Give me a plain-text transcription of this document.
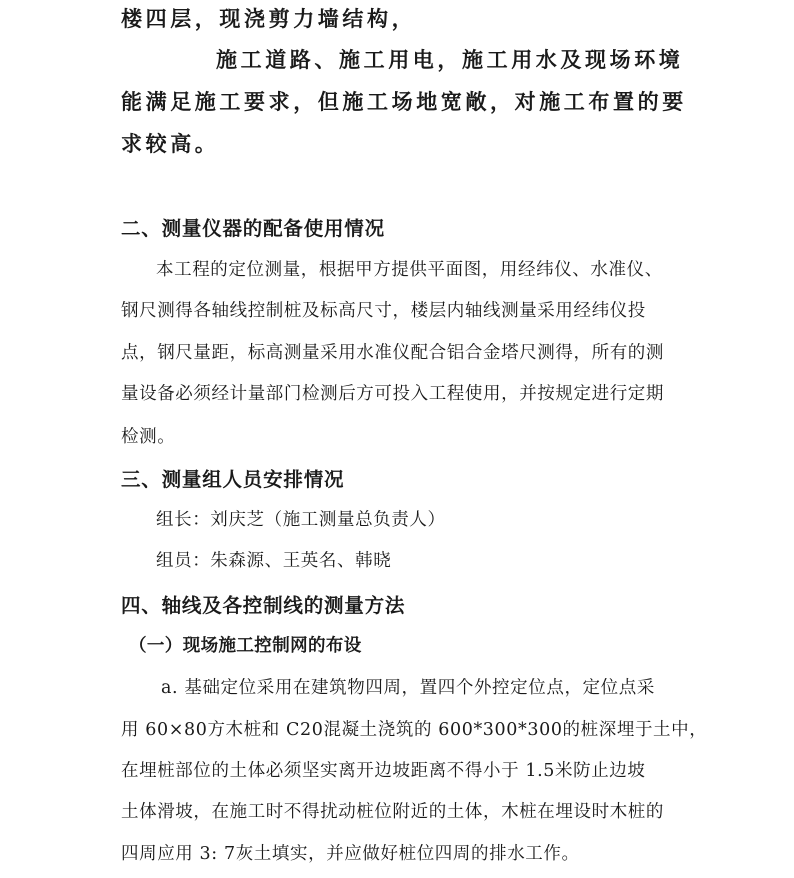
楼四层，现浇剪力墙结构，
施工道路、施工用电，施工用水及现场环境
能满足施工要求，但施工场地宽敞，对施工布置的要
求较高。
二、测量仪器的配备使用情况
本工程的定位测量，根据甲方提供平面图，用经纬仪、水准仪、
钢尺测得各轴线控制桩及标高尺寸，楼层内轴线测量采用经纬仪投
点，钢尺量距，标高测量采用水准仪配合铝合金塔尺测得，所有的测
量设备必须经计量部门检测后方可投入工程使用，并按规定进行定期
检测。
三、测量组人员安排情况
组长：刘庆芝（施工测量总负责人）
组员：朱森源、王英名、韩晓
四、轴线及各控制线的测量方法
（一）现场施工控制网的布设
a. 基础定位采用在建筑物四周，置四个外控定位点，定位点采
用 60×80方木桩和 C20混凝土浇筑的 600*300*300的桩深埋于土中，
在埋桩部位的土体必须坚实离开边坡距离不得小于 1.5米防止边坡
土体滑坡，在施工时不得扰动桩位附近的土体，木桩在埋设时木桩的
四周应用 3: 7灰土填实，并应做好桩位四周的排水工作。
